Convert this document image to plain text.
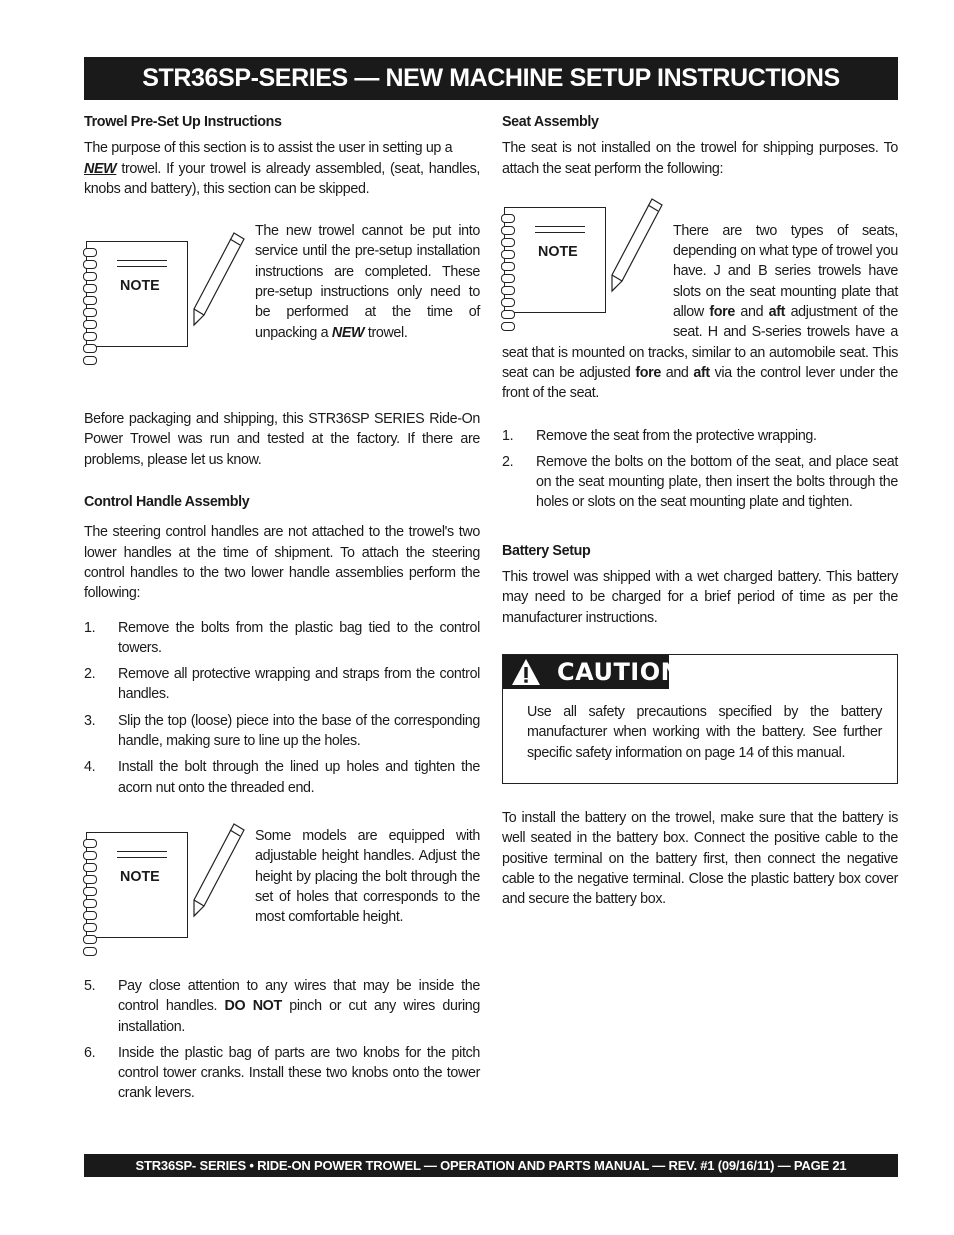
STR36SP-SERIES — NEW MACHINE SETUP INSTRUCTIONS

Trowel Pre-Set Up Instructions

The purpose of this section is to assist the user in setting up a
NEW trowel. If your trowel is already assembled, (seat, handles, knobs and battery), this section can be skipped.

NOTE
The new trowel cannot be put into service until the pre-setup installation instructions are completed. These pre-setup instructions only need to be performed at the time of unpacking a NEW trowel.

Before packaging and shipping, this STR36SP SERIES Ride-On Power Trowel was run and tested at the factory. If there are problems, please let us know.

Control Handle Assembly

The steering control handles are not attached to the trowel's two lower handles at the time of shipment. To attach the steering control handles to the two lower handle assemblies perform the following:

1. Remove the bolts from the plastic bag tied to the control towers.
2. Remove all protective wrapping and straps from the control handles.
3. Slip the top (loose) piece into the base of the corresponding handle, making sure to line up the holes.
4. Install the bolt through the lined up holes and tighten the acorn nut onto the threaded end.
NOTE
Some models are equipped with adjustable height handles. Adjust the height by placing the bolt through the set of holes that corresponds to the most comfortable height.
5. Pay close attention to any wires that may be inside the control handles. DO NOT pinch or cut any wires during installation.
6. Inside the plastic bag of parts are two knobs for the pitch control tower cranks. Install these two knobs onto the tower crank levers.

Seat Assembly

The seat is not installed on the trowel for shipping purposes. To attach the seat perform the following:

NOTE

There are two types of seats, depending on what type of trowel you have. J and B series trowels have slots on the seat mounting plate that allow fore and aft adjustment of the seat. H and S-series trowels have a seat that is mounted on tracks, similar to an automobile seat. This seat can be adjusted fore and aft via the control lever under the front of the seat.

1. Remove the seat from the protective wrapping.
2. Remove the bolts on the bottom of the seat, and place seat on the seat mounting plate, then insert the bolts through the holes or slots on the seat mounting plate and tighten.

Battery Setup

This trowel was shipped with a wet charged battery. This battery may need to be charged for a brief period of time as per the manufacturer instructions.

CAUTION
Use all safety precautions specified by the battery manufacturer when working with the battery. See further specific safety information on page 14 of this manual.

To install the battery on the trowel, make sure that the battery is well seated in the battery box. Connect the positive cable to the positive terminal on the battery first, then connect the negative cable to the negative terminal. Close the plastic battery box cover and secure the battery box.

STR36SP- SERIES • RIDE-ON POWER TROWEL — OPERATION AND PARTS MANUAL — REV. #1 (09/16/11) — PAGE 21
